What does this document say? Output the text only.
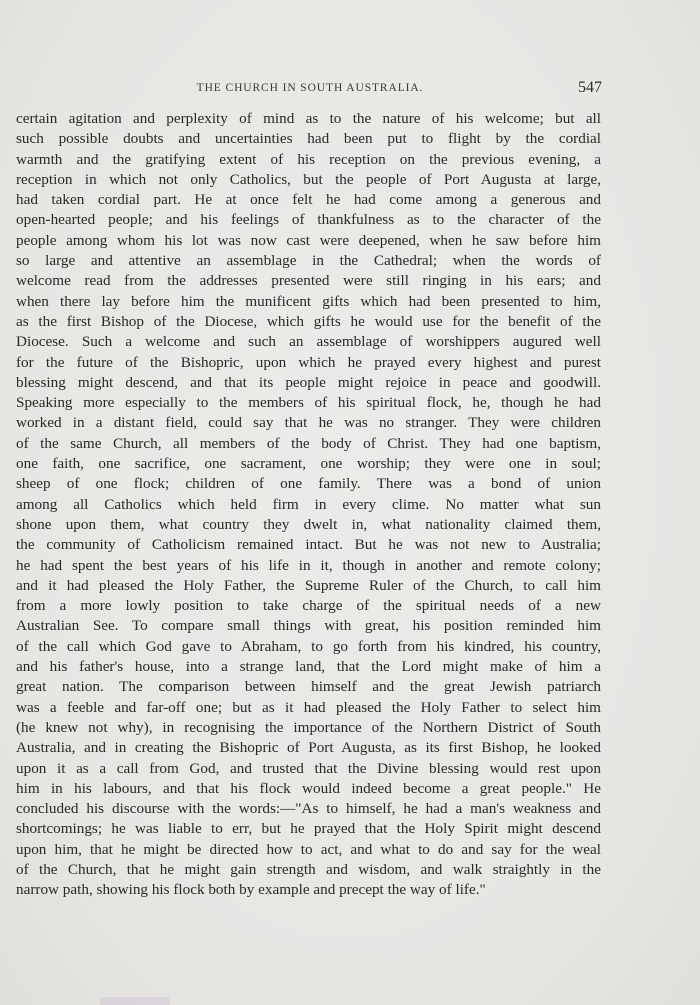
THE CHURCH IN SOUTH AUSTRALIA.	547
certain agitation and perplexity of mind as to the nature of his welcome; but all
such possible doubts and uncertainties had been put to flight by the cordial
warmth and the gratifying extent of his reception on the previous evening, a
reception in which not only Catholics, but the people of Port Augusta at large,
had taken cordial part. He at once felt he had come among a generous and
open-hearted people; and his feelings of thankfulness as to the character of the
people among whom his lot was now cast were deepened, when he saw before him
so large and attentive an assemblage in the Cathedral; when the words of
welcome read from the addresses presented were still ringing in his ears; and
when there lay before him the munificent gifts which had been presented to him,
as the first Bishop of the Diocese, which gifts he would use for the benefit of the
Diocese. Such a welcome and such an assemblage of worshippers augured well
for the future of the Bishopric, upon which he prayed every highest and purest
blessing might descend, and that its people might rejoice in peace and goodwill.
Speaking more especially to the members of his spiritual flock, he, though he had
worked in a distant field, could say that he was no stranger. They were children
of the same Church, all members of the body of Christ. They had one baptism,
one faith, one sacrifice, one sacrament, one worship; they were one in soul;
sheep of one flock; children of one family. There was a bond of union
among all Catholics which held firm in every clime. No matter what sun
shone upon them, what country they dwelt in, what nationality claimed them,
the community of Catholicism remained intact. But he was not new to Australia;
he had spent the best years of his life in it, though in another and remote colony;
and it had pleased the Holy Father, the Supreme Ruler of the Church, to call him
from a more lowly position to take charge of the spiritual needs of a new
Australian See. To compare small things with great, his position reminded him
of the call which God gave to Abraham, to go forth from his kindred, his country,
and his father's house, into a strange land, that the Lord might make of him a
great nation. The comparison between himself and the great Jewish patriarch
was a feeble and far-off one; but as it had pleased the Holy Father to select him
(he knew not why), in recognising the importance of the Northern District of South
Australia, and in creating the Bishopric of Port Augusta, as its first Bishop, he looked
upon it as a call from God, and trusted that the Divine blessing would rest upon
him in his labours, and that his flock would indeed become a great people." He
concluded his discourse with the words:—"As to himself, he had a man's weakness and
shortcomings; he was liable to err, but he prayed that the Holy Spirit might descend
upon him, that he might be directed how to act, and what to do and say for the weal
of the Church, that he might gain strength and wisdom, and walk straightly in the
narrow path, showing his flock both by example and precept the way of life."
